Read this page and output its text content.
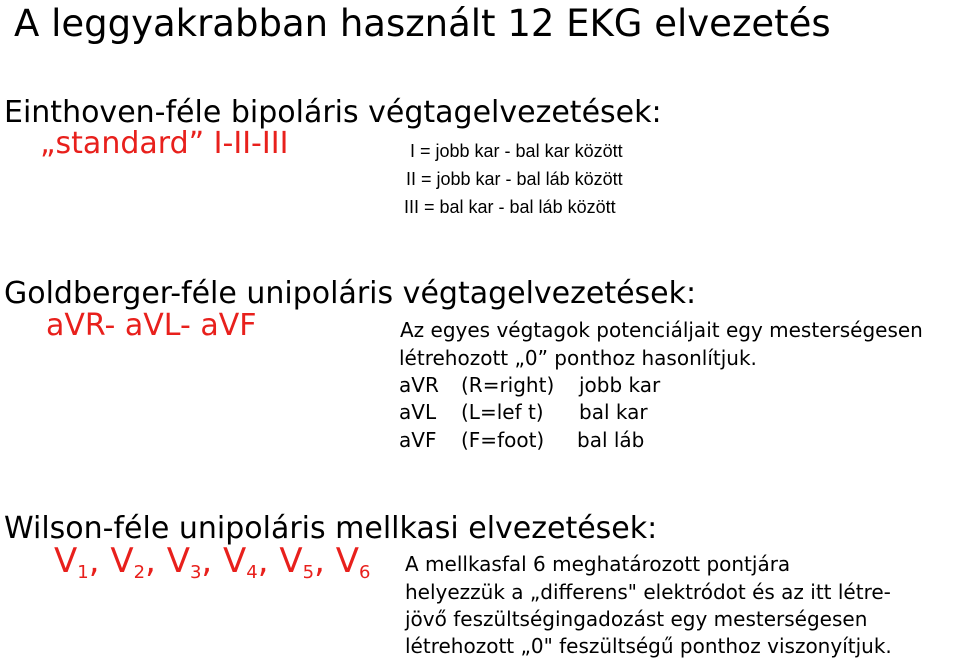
A leggyakrabban használt 12 EKG elvezetés
Einthoven-féle bipoláris végtagelvezetések:
„standard” I-II-III	I = jobb kar - bal kar között
II = jobb kar - bal láb között
III = bal kar - bal láb között
Goldberger-féle unipoláris végtagelvezetések:
aVR- aVL- aVF	Az egyes végtagok potenciáljait egy mesterségesen
létrehozott „0” ponthoz hasonlítjuk.
aVR (R=right) jobb kar
aVL (L=lef t) bal kar
aVF (F=foot) bal láb
Wilson-féle unipoláris mellkasi elvezetések:
$V_1$, $V_2$, $V_3$, $V_4$, $V_5$, $V_6$ A mellkasfal 6 meghatározott pontjára
helyezzük a „differens" elektródot és az itt létre-
jövő feszültségingadozást egy mesterségesen
létrehozott „0" feszültségű ponthoz viszonyítjuk.
